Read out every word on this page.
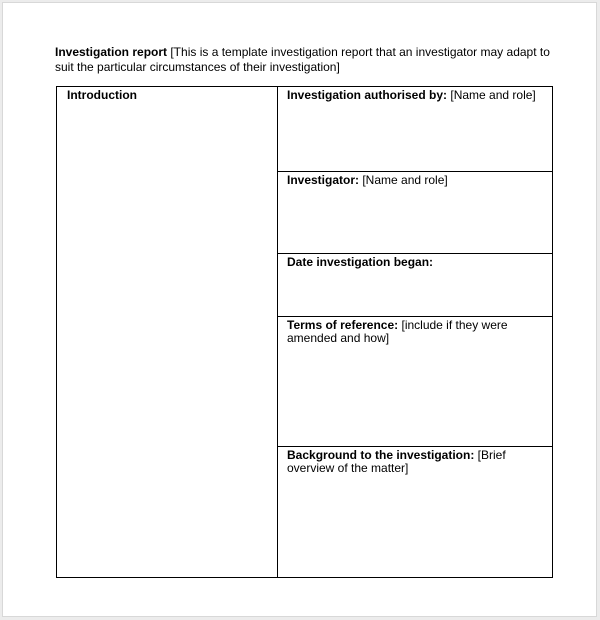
Investigation report [This is a template investigation report that an investigator may adapt to suit the particular circumstances of their investigation]
Introduction	Investigation authorised by: [Name and role]
Investigator: [Name and role]
Date investigation began:
Terms of reference: [include if they were amended and how]
Background to the investigation: [Brief overview of the matter]
